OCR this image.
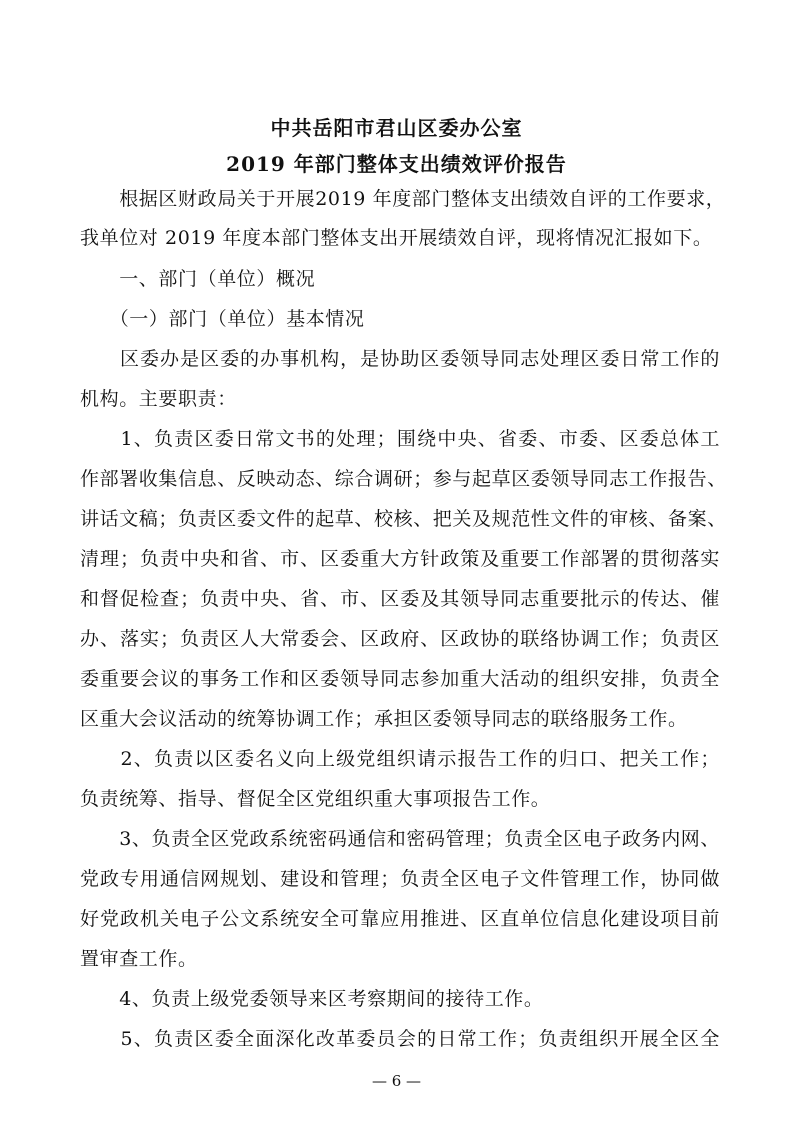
中共岳阳市君山区委办公室
2019 年部门整体支出绩效评价报告
　　根据区财政局关于开展2019 年度部门整体支出绩效自评的工作要求，
我单位对 2019 年度本部门整体支出开展绩效自评，现将情况汇报如下。
　　一、部门（单位）概况
　　（一）部门（单位）基本情况
　　区委办是区委的办事机构，是协助区委领导同志处理区委日常工作的
机构。主要职责：
　　1、负责区委日常文书的处理；围绕中央、省委、市委、区委总体工
作部署收集信息、反映动态、综合调研；参与起草区委领导同志工作报告、
讲话文稿；负责区委文件的起草、校核、把关及规范性文件的审核、备案、
清理；负责中央和省、市、区委重大方针政策及重要工作部署的贯彻落实
和督促检查；负责中央、省、市、区委及其领导同志重要批示的传达、催
办、落实；负责区人大常委会、区政府、区政协的联络协调工作；负责区
委重要会议的事务工作和区委领导同志参加重大活动的组织安排，负责全
区重大会议活动的统筹协调工作；承担区委领导同志的联络服务工作。
　　2、负责以区委名义向上级党组织请示报告工作的归口、把关工作；
负责统筹、指导、督促全区党组织重大事项报告工作。
　　3、负责全区党政系统密码通信和密码管理；负责全区电子政务内网、
党政专用通信网规划、建设和管理；负责全区电子文件管理工作，协同做
好党政机关电子公文系统安全可靠应用推进、区直单位信息化建设项目前
置审查工作。
　　4、负责上级党委领导来区考察期间的接待工作。
　　5、负责区委全面深化改革委员会的日常工作；负责组织开展全区全
— 6 —
